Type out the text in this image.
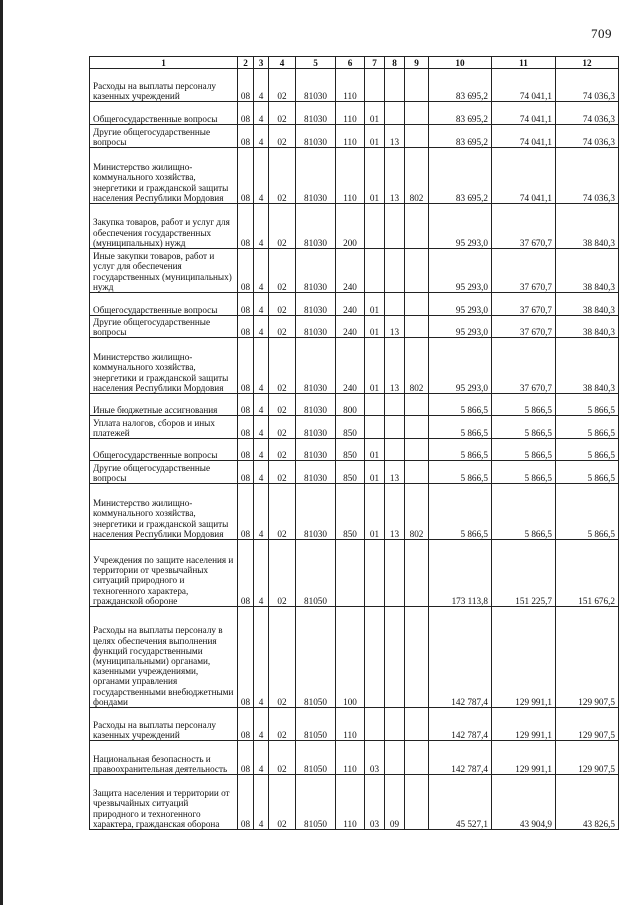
709
1	2	3	4	5	6	7	8	9	10	11	12
Расходы на выплаты персоналу казенных учреждений	08	4	02	81030	110				83 695,2	74 041,1	74 036,3
Общегосударственные вопросы	08	4	02	81030	110	01			83 695,2	74 041,1	74 036,3
Другие общегосударственные вопросы	08	4	02	81030	110	01	13		83 695,2	74 041,1	74 036,3
Министерство жилищно-коммунального хозяйства, энергетики и гражданской защиты населения Республики Мордовия	08	4	02	81030	110	01	13	802	83 695,2	74 041,1	74 036,3
Закупка товаров, работ и услуг для обеспечения государственных (муниципальных) нужд	08	4	02	81030	200				95 293,0	37 670,7	38 840,3
Иные закупки товаров, работ и услуг для обеспечения государственных (муниципальных) нужд	08	4	02	81030	240				95 293,0	37 670,7	38 840,3
Общегосударственные вопросы	08	4	02	81030	240	01			95 293,0	37 670,7	38 840,3
Другие общегосударственные вопросы	08	4	02	81030	240	01	13		95 293,0	37 670,7	38 840,3
Министерство жилищно-коммунального хозяйства, энергетики и гражданской защиты населения Республики Мордовия	08	4	02	81030	240	01	13	802	95 293,0	37 670,7	38 840,3
Иные бюджетные ассигнования	08	4	02	81030	800				5 866,5	5 866,5	5 866,5
Уплата налогов, сборов и иных платежей	08	4	02	81030	850				5 866,5	5 866,5	5 866,5
Общегосударственные вопросы	08	4	02	81030	850	01			5 866,5	5 866,5	5 866,5
Другие общегосударственные вопросы	08	4	02	81030	850	01	13		5 866,5	5 866,5	5 866,5
Министерство жилищно-коммунального хозяйства, энергетики и гражданской защиты населения Республики Мордовия	08	4	02	81030	850	01	13	802	5 866,5	5 866,5	5 866,5
Учреждения по защите населения и территории от чрезвычайных ситуаций природного и техногенного характера, гражданской обороне	08	4	02	81050					173 113,8	151 225,7	151 676,2
Расходы на выплаты персоналу в целях обеспечения выполнения функций государственными (муниципальными) органами, казенными учреждениями, органами управления государственными внебюджетными фондами	08	4	02	81050	100				142 787,4	129 991,1	129 907,5
Расходы на выплаты персоналу казенных учреждений	08	4	02	81050	110				142 787,4	129 991,1	129 907,5
Национальная безопасность и правоохранительная деятельность	08	4	02	81050	110	03			142 787,4	129 991,1	129 907,5
Защита населения и территории от чрезвычайных ситуаций природного и техногенного характера, гражданская оборона	08	4	02	81050	110	03	09		45 527,1	43 904,9	43 826,5
